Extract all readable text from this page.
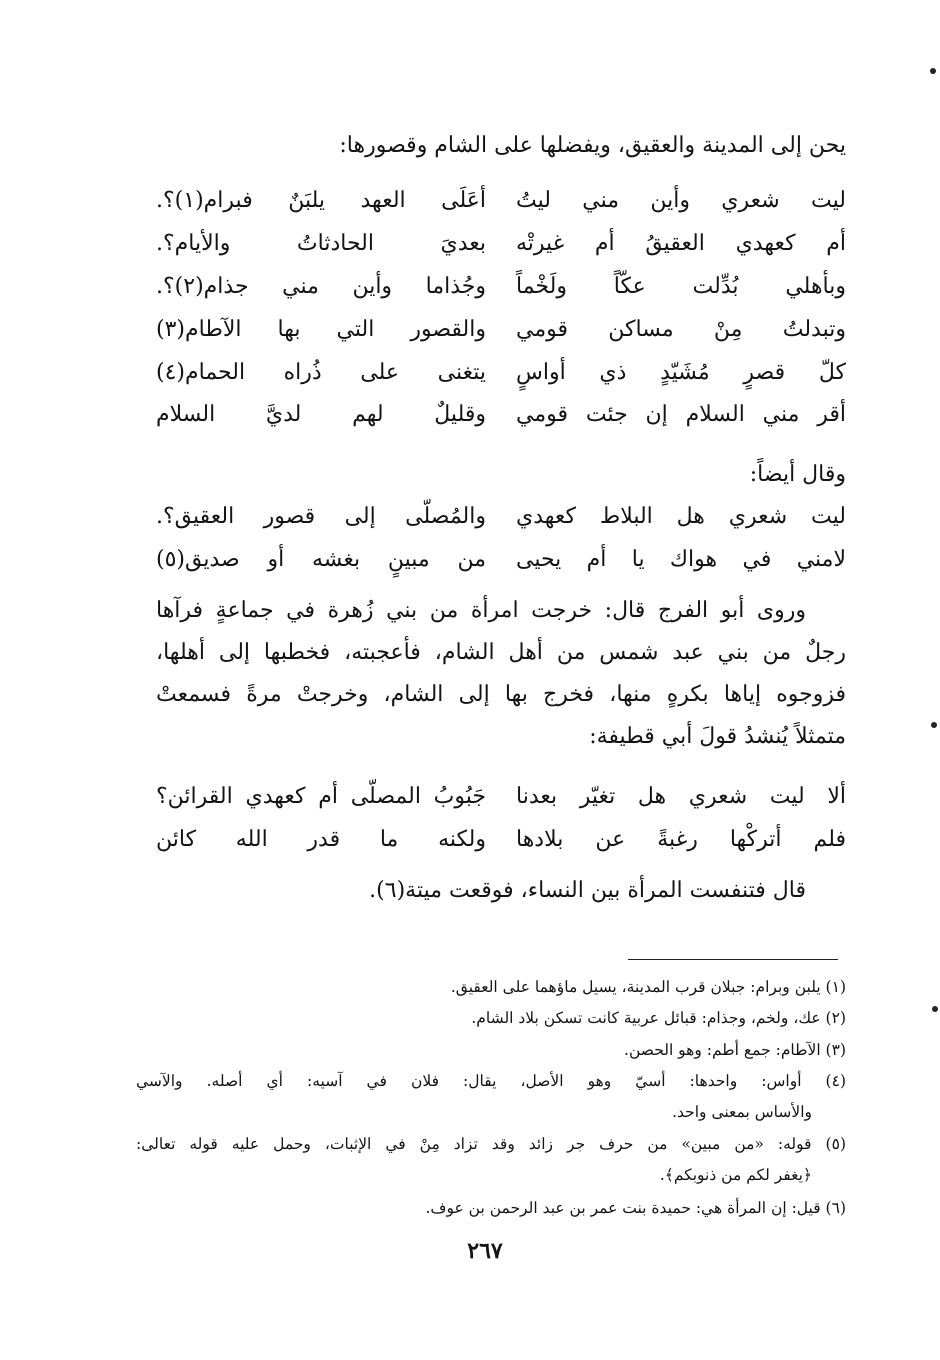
يحن إلى المدينة والعقيق، ويفضلها على الشام وقصورها:
ليت شعري وأين مني ليتُ
أعَلَى العهد يلبَنٌ فبرام(١)؟.
أم كعهدي العقيقُ أم غيرتْه
بعديَ الحادثاتُ والأيام؟.
وبأهلي بُدِّلت عكّاً ولَخْماً
وجُذاما وأين مني جذام(٢)؟.
وتبدلتُ مِنْ مساكن قومي
والقصور التي بها الآطام(٣)
كلّ قصرٍ مُشَيّدٍ ذي أواسٍ
يتغنى على ذُراه الحمام(٤)
أقر مني السلام إن جئت قومي
وقليلٌ لهم لديَّ السلام
وقال أيضاً:
ليت شعري هل البلاط كعهدي
والمُصلّى إلى قصور العقيق؟.
لامني في هواك يا أم يحيى
من مبينٍ بغشه أو صديق(٥)
وروى أبو الفرج قال: خرجت امرأة من بني زُهرة في جماعةٍ فرآها
رجلٌ من بني عبد شمس من أهل الشام، فأعجبته، فخطبها إلى أهلها،
فزوجوه إياها بكرهٍ منها، فخرج بها إلى الشام، وخرجتْ مرةً فسمعتْ
متمثلاً يُنشدُ قولَ أبي قطيفة:
ألا ليت شعري هل تغيّر بعدنا
جَبُوبُ المصلّى أم كعهدي القرائن؟
فلم أتركْها رغبةً عن بلادها
ولكنه ما قدر الله كائن
قال فتنفست المرأة بين النساء، فوقعت ميتة(٦).
(١) يلبن وبرام: جبلان قرب المدينة، يسيل ماؤهما على العقيق.
(٢) عك، ولخم، وجذام: قبائل عربية كانت تسكن بلاد الشام.
(٣) الآطام: جمع أطم: وهو الحصن.
(٤) أواس: واحدها: أسيّ وهو الأصل، يقال: فلان في آسيه: أي أصله. والآسي
والأساس بمعنى واحد.
(٥) قوله: «من مبين» من حرف جر زائد وقد تزاد مِنْ في الإثبات، وحمل عليه قوله تعالى:
﴿يغفر لكم من ذنوبكم﴾.
(٦) قيل: إن المرأة هي: حميدة بنت عمر بن عبد الرحمن بن عوف.
٢٦٧
